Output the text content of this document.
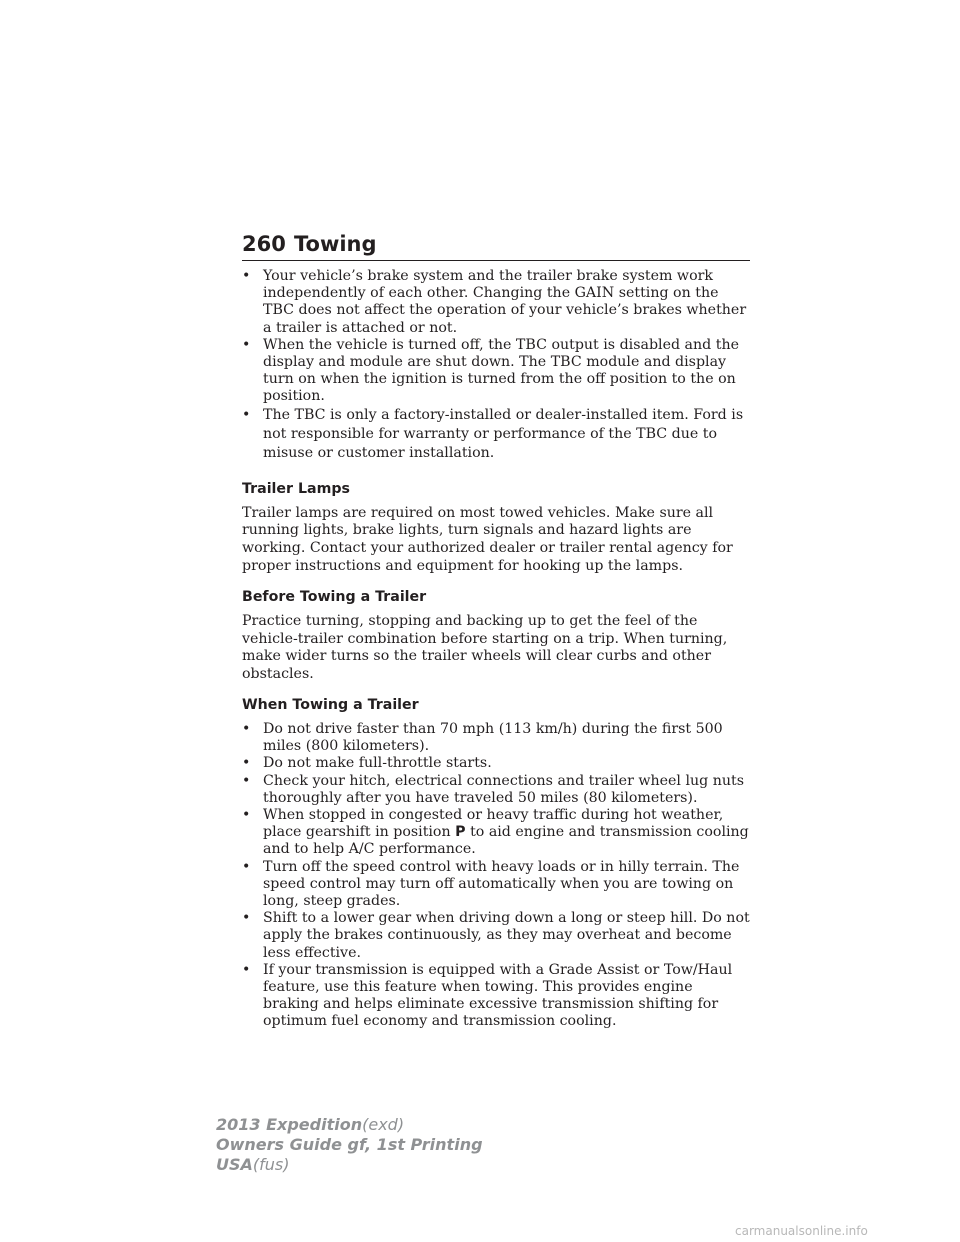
260 Towing
• Your vehicle’s brake system and the trailer brake system work independently of each other. Changing the GAIN setting on the TBC does not affect the operation of your vehicle’s brakes whether a trailer is attached or not.
• When the vehicle is turned off, the TBC output is disabled and the display and module are shut down. The TBC module and display turn on when the ignition is turned from the off position to the on position.
• The TBC is only a factory-installed or dealer-installed item. Ford is not responsible for warranty or performance of the TBC due to misuse or customer installation.
Trailer Lamps

Trailer lamps are required on most towed vehicles. Make sure all running lights, brake lights, turn signals and hazard lights are working. Contact your authorized dealer or trailer rental agency for proper instructions and equipment for hooking up the lamps.

Before Towing a Trailer

Practice turning, stopping and backing up to get the feel of the vehicle-trailer combination before starting on a trip. When turning, make wider turns so the trailer wheels will clear curbs and other obstacles.

When Towing a Trailer
• Do not drive faster than 70 mph (113 km/h) during the first 500 miles (800 kilometers).
• Do not make full-throttle starts.
• Check your hitch, electrical connections and trailer wheel lug nuts thoroughly after you have traveled 50 miles (80 kilometers).
• When stopped in congested or heavy traffic during hot weather, place gearshift in position P to aid engine and transmission cooling and to help A/C performance.
• Turn off the speed control with heavy loads or in hilly terrain. The speed control may turn off automatically when you are towing on long, steep grades.
• Shift to a lower gear when driving down a long or steep hill. Do not apply the brakes continuously, as they may overheat and become less effective.
• If your transmission is equipped with a Grade Assist or Tow/Haul feature, use this feature when towing. This provides engine braking and helps eliminate excessive transmission shifting for optimum fuel economy and transmission cooling.
2013 Expedition(exd)
Owners Guide gf, 1st Printing
USA(fus)
carmanualsonline.info
